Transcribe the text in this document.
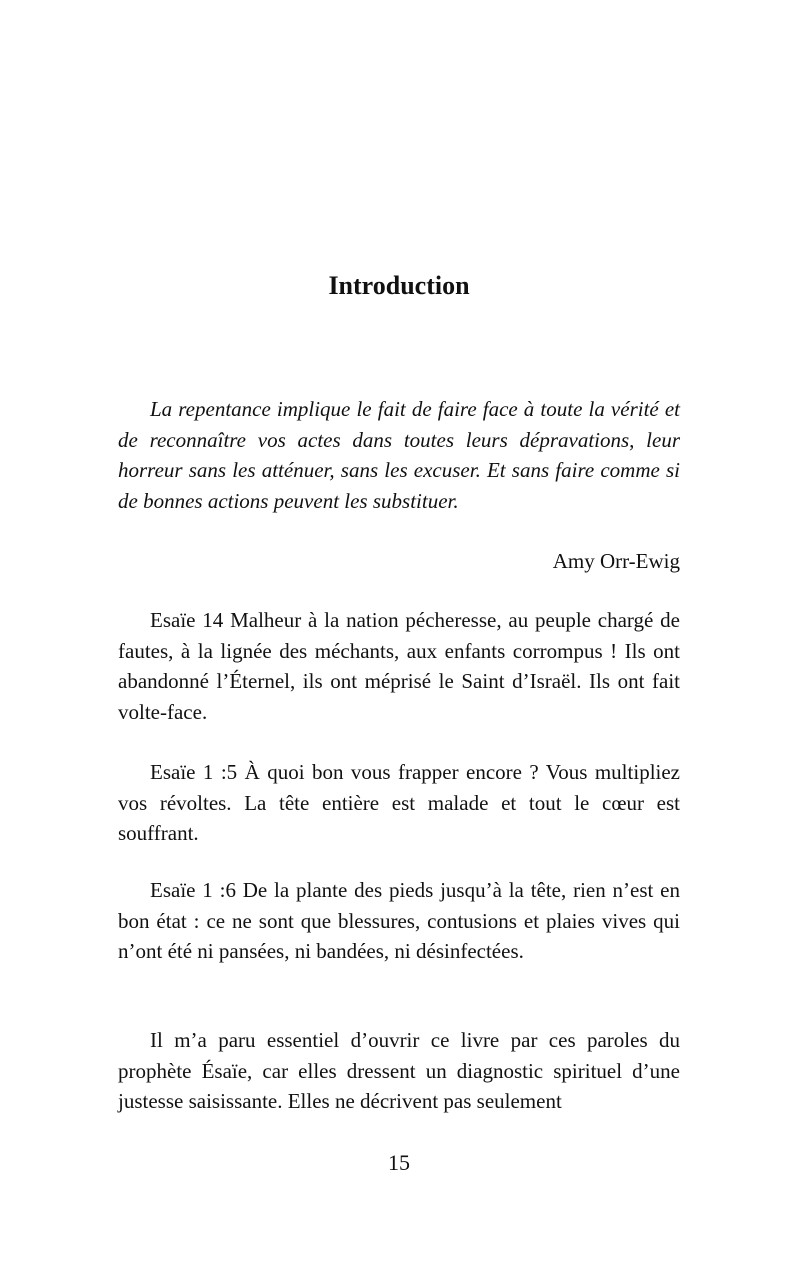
Introduction

La repentance implique le fait de faire face à toute la vérité et de reconnaître vos actes dans toutes leurs dépravations, leur horreur sans les atténuer, sans les excuser. Et sans faire comme si de bonnes actions peuvent les substituer.

Amy Orr-Ewig

Esaïe 14 Malheur à la nation pécheresse, au peuple chargé de fautes, à la lignée des méchants, aux enfants corrompus ! Ils ont abandonné l’Éternel, ils ont méprisé le Saint d’Israël. Ils ont fait volte-face.

Esaïe 1 :5 À quoi bon vous frapper encore ? Vous multipliez vos révoltes. La tête entière est malade et tout le cœur est souffrant.

Esaïe 1 :6 De la plante des pieds jusqu’à la tête, rien n’est en bon état : ce ne sont que blessures, contusions et plaies vives qui n’ont été ni pansées, ni bandées, ni désinfectées.

Il m’a paru essentiel d’ouvrir ce livre par ces paroles du prophète Ésaïe, car elles dressent un diagnostic spirituel d’une justesse saisissante. Elles ne décrivent pas seulement

15
